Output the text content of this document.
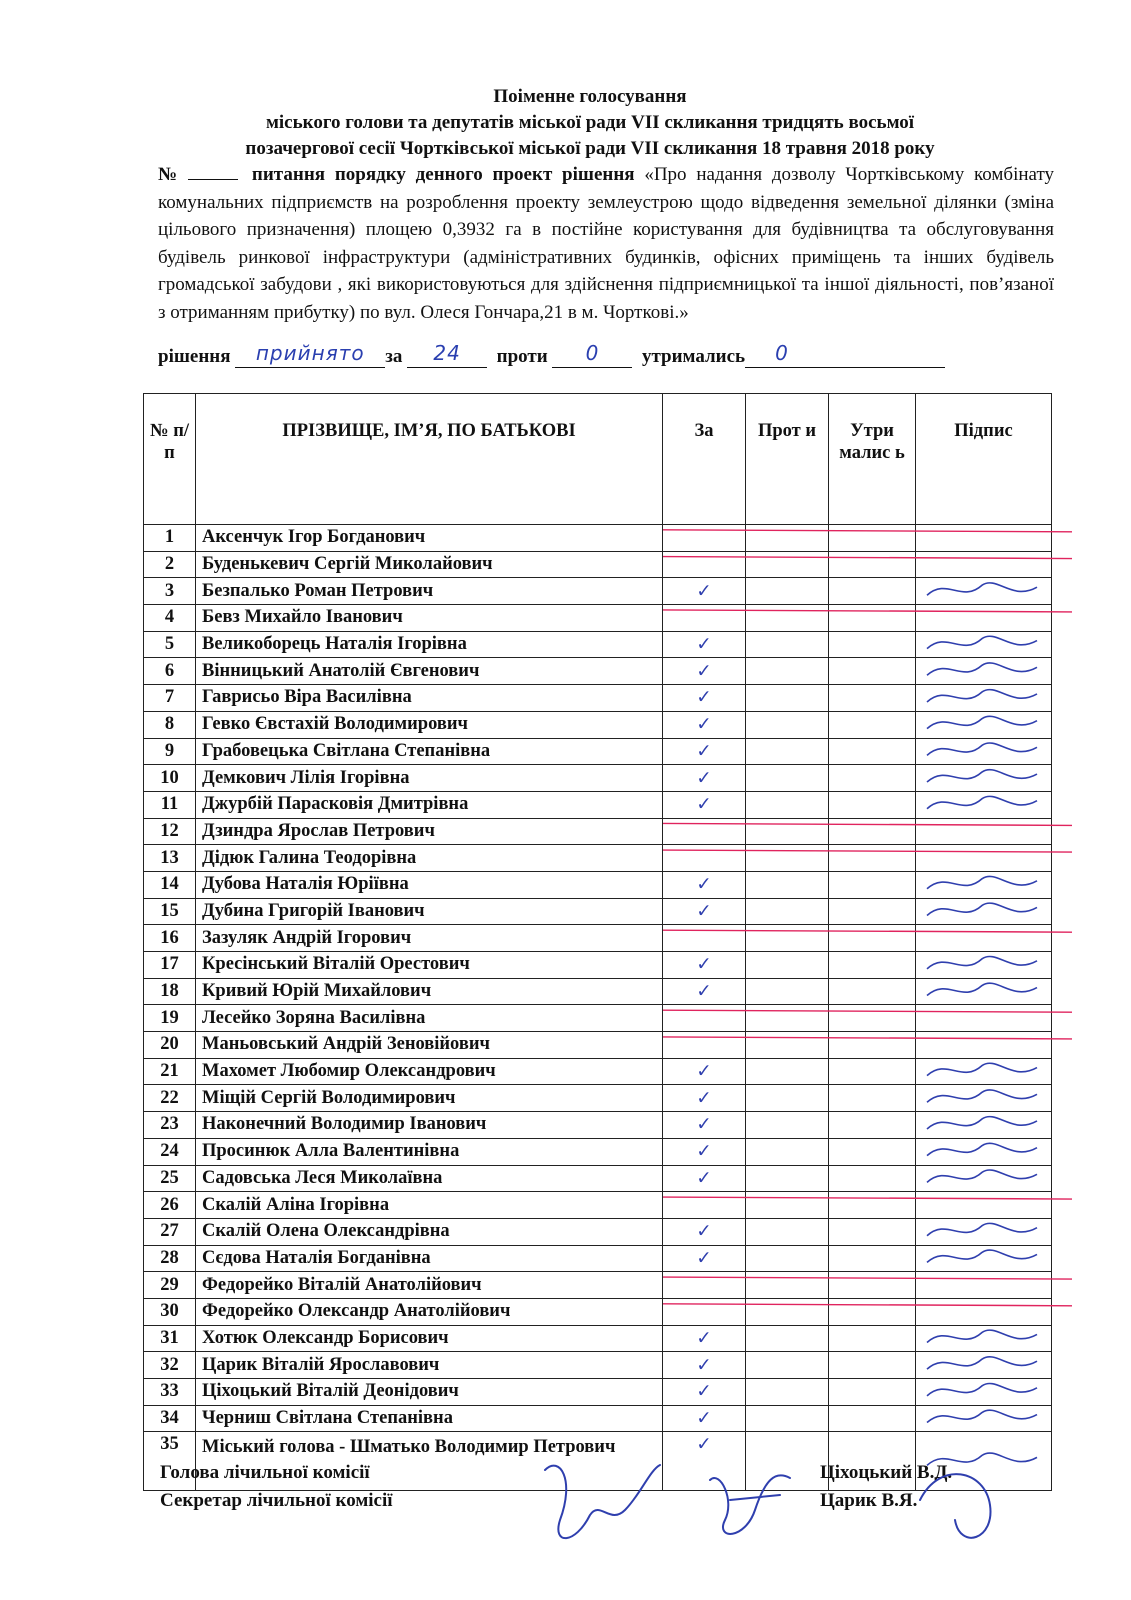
Поіменне голосування
міського голови та депутатів міської ради VII скликання тридцять восьмої
позачергової сесії Чортківської міської ради VII скликання 18 травня 2018 року
№	питання порядку денного проект рішення «Про надання дозволу Чортківському комбінату комунальних підприємств на розроблення проекту землеустрою щодо відведення земельної ділянки (зміна цільового призначення) площею 0,3932 га в постійне користування для будівництва та обслуговування будівель ринкової інфраструктури (адміністративних будинків, офісних приміщень та інших будівель громадської забудови , які використовуються для здійснення підприємницької та іншої діяльності, пов’язаної з отриманням прибутку) по вул. Олеся Гончара,21 в м. Чорткові.»
рішення	прийнято	за	24	проти	0	утримались 0
№ п/п	ПРІЗВИЩЕ, ІМ’Я, ПО БАТЬКОВІ	За	Прот и	Утри малис ь	Підпис
1	Аксенчук Ігор Богданович				
2	Буденькевич Сергій Миколайович				
3	Безпалько Роман Петрович	✓			
4	Бевз Михайло Іванович				
5	Великоборець Наталія Ігорівна	✓			
6	Вінницький Анатолій Євгенович	✓			
7	Гаврисьо Віра Василівна	✓			
8	Гевко Євстахій Володимирович	✓			
9	Грабовецька Світлана Степанівна	✓			
10	Демкович Лілія Ігорівна	✓			
11	Джурбій Парасковія Дмитрівна	✓			
12	Дзиндра Ярослав Петрович				
13	Дідюк Галина Теодорівна				
14	Дубова Наталія Юріївна	✓			
15	Дубина Григорій Іванович	✓			
16	Зазуляк Андрій Ігорович				
17	Кресінський Віталій Орестович	✓			
18	Кривий Юрій Михайлович	✓			
19	Лесейко Зоряна Василівна				
20	Маньовський Андрій Зеновійович				
21	Махомет Любомир Олександрович	✓			
22	Міщій Сергій Володимирович	✓			
23	Наконечний Володимир Іванович	✓			
24	Просинюк Алла Валентинівна	✓			
25	Садовська Леся Миколаївна	✓			
26	Скалій Аліна Ігорівна				
27	Скалій Олена Олександрівна	✓			
28	Сєдова Наталія Богданівна	✓			
29	Федорейко Віталій Анатолійович				
30	Федорейко Олександр Анатолійович				
31	Хотюк Олександр Борисович	✓			
32	Царик Віталій Ярославович	✓			
33	Ціхоцький Віталій Деонідович	✓			
34	Черниш Світлана Степанівна	✓			
35	Міський голова - Шматько Володимир Петрович	✓			
Голова лічильної комісії
Секретар лічильної комісії
Ціхоцький В.Д.
Царик В.Я.
